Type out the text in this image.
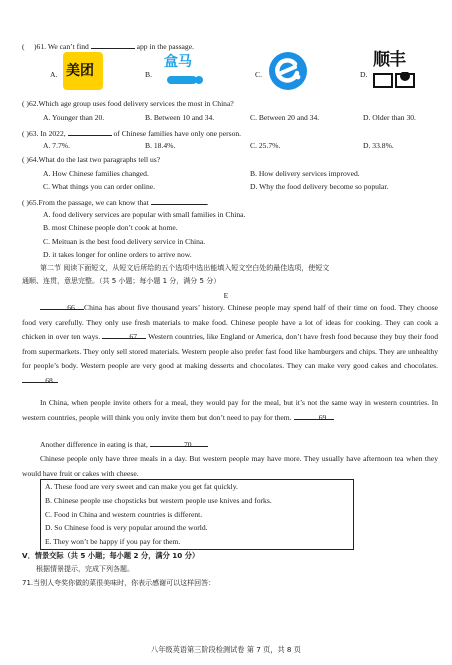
( )61. We can’t find	app in the passage.
A. 美团	B.
盒马
C.	D.
顺丰
( )62.Which age group uses food delivery services the most in China?
A. Younger than 20.	B. Between 10 and 34.	C. Between 20 and 34.	D. Older than 30.
( )63. In 2022,	of Chinese families have only one person.
A. 7.7%.	B. 18.4%.	C. 25.7%.	D. 33.8%.
( )64.What do the last two paragraphs tell us?
A. How Chinese families changed.	B. How delivery services improved.
C. What things you can order online.	D. Why the food delivery become so popular.
( )65.From the passage, we can know that	.
A. food delivery services are popular with small families in China.
B. most Chinese people don’t cook at home.
C. Meituan is the best food delivery service in China.
D. it takes longer for online orders to arrive now.
第二节 阅读下面短文，从短文后所给的五个选项中选出能填入短文空白处的最佳选项，使短文
通顺、连贯，意思完整。（共 5 小题；每小题 1 分，满分 5 分）
E
66 China has about five thousand years’ history. Chinese people may spend half of their time on food. They choose food very carefully. They only use fresh materials to make food. Chinese people have a lot of ideas for cooking. They can cook a chicken in over ten ways.	67 Western countries, like England or America, don’t have fresh food because they buy their food from supermarkets. They only sell stored materials. Western people also prefer fast food like hamburgers and chips. They are unhealthy for people’s body. Western people are very good at making desserts and chocolates. They can make very good cakes and chocolates. 68
In China, when people invite others for a meal, they would pay for the meal, but it’s not the same way in western countries. In western countries, people will think you only invite them but don’t need to pay for them.	69
Another difference in eating is that,	70
Chinese people only have three meals in a day. But western people may have more. They usually have afternoon tea when they would have fruit or cakes with cheese.
A. These food are very sweet and can make you get fat quickly.
B. Chinese people use chopsticks but western people use knives and forks.
C. Food in China and western countries is different.
D. So Chinese food is very popular around the world.
E. They won’t be happy if you pay for them.
V．情景交际（共 5 小题；每小题 2 分，满分 10 分）
根据情景提示，完成下列各题。
71.当别人夸奖你做的菜很美味时，你表示感谢可以这样回答：
八年级英语第三阶段检测试卷 第 7 页，共 8 页
